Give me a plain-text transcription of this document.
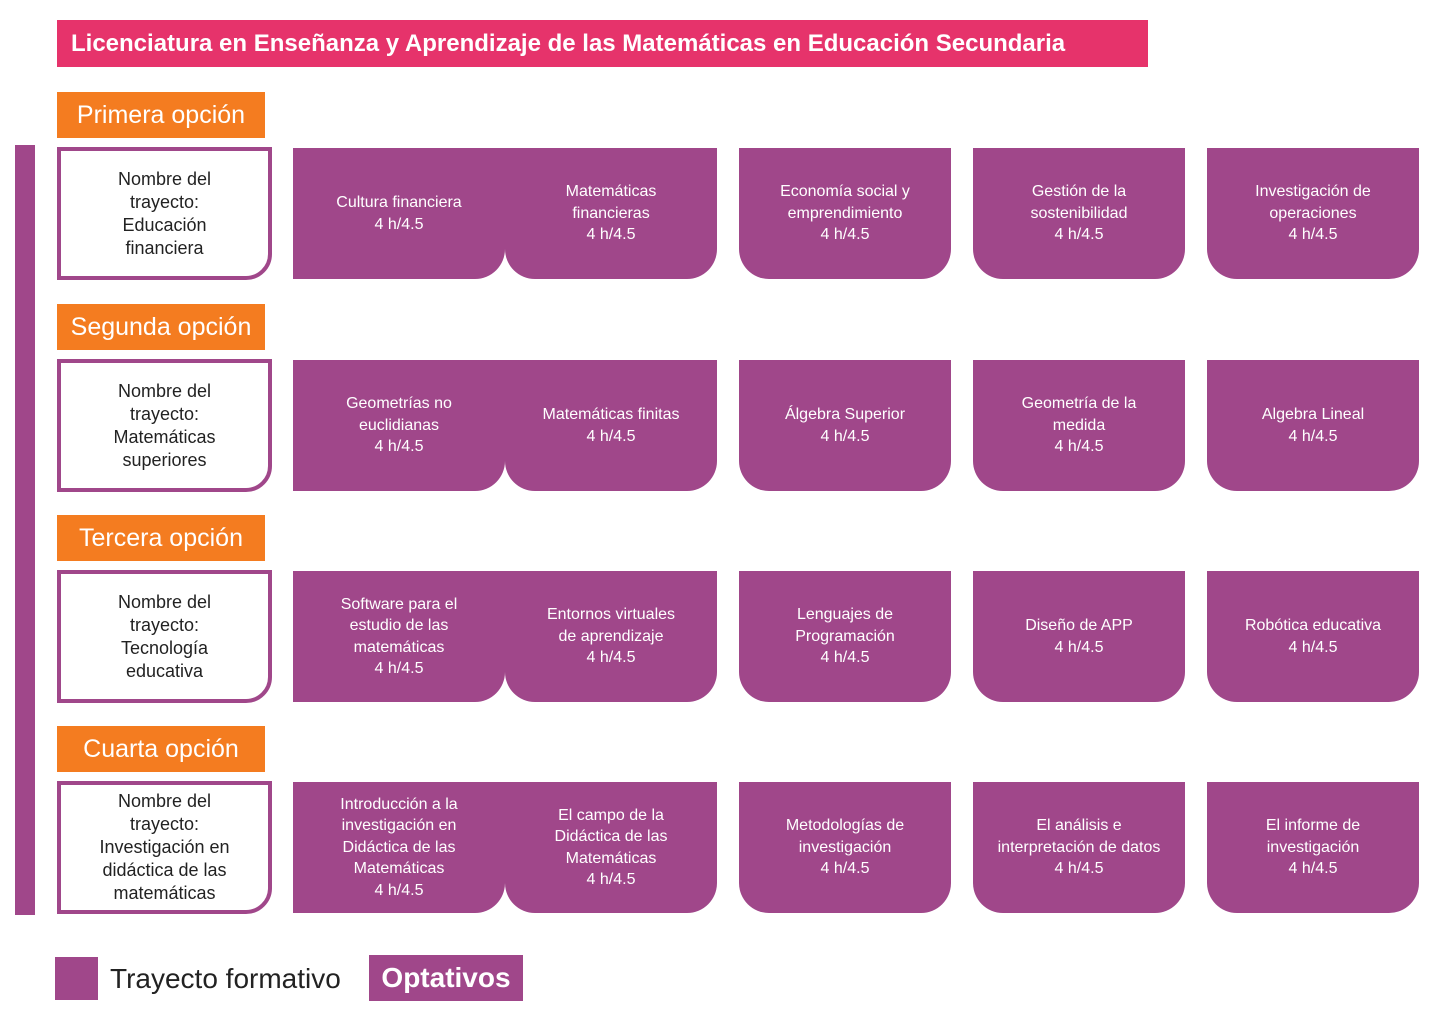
Licenciatura en Enseñanza y Aprendizaje de las Matemáticas en Educación Secundaria
Primera opción
Nombre del
trayecto:
Educación
financiera
Cultura financiera
4 h/4.5
Matemáticas
financieras
4 h/4.5
Economía social y
emprendimiento
4 h/4.5
Gestión de la
sostenibilidad
4 h/4.5
Investigación de
operaciones
4 h/4.5
Segunda opción
Nombre del
trayecto:
Matemáticas
superiores
Geometrías no
euclidianas
4 h/4.5
Matemáticas finitas
4 h/4.5
Álgebra Superior
4 h/4.5
Geometría de la
medida
4 h/4.5
Algebra Lineal
4 h/4.5
Tercera opción
Nombre del
trayecto:
Tecnología
educativa
Software para el
estudio de las
matemáticas
4 h/4.5
Entornos virtuales
de aprendizaje
4 h/4.5
Lenguajes de
Programación
4 h/4.5
Diseño de APP
4 h/4.5
Robótica educativa
4 h/4.5
Cuarta opción
Nombre del
trayecto:
Investigación en
didáctica de las
matemáticas
Introducción a la
investigación en
Didáctica de las
Matemáticas
4 h/4.5
El campo de la
Didáctica de las
Matemáticas
4 h/4.5
Metodologías de
investigación
4 h/4.5
El análisis e
interpretación de datos
4 h/4.5
El informe de
investigación
4 h/4.5
Trayecto formativo	Optativos
